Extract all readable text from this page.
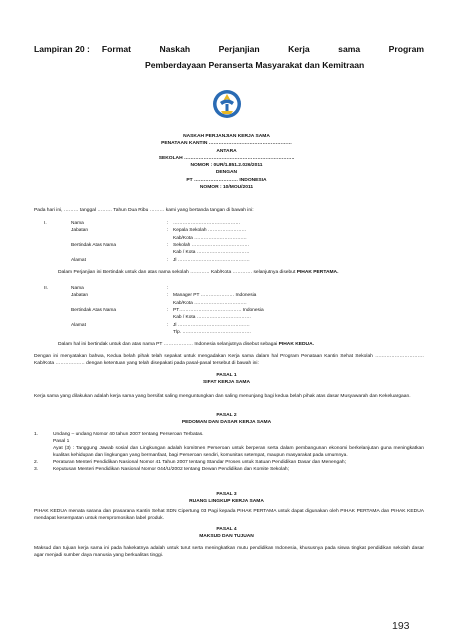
Lampiran 20 : Format Naskah Perjanjian Kerja sama Program
Pemberdayaan Peranserta Masyarakat dan Kemitraan
NASKAH PERJANJIAN KERJA SAMA
PENATAAN KANTIN ……………………………………………
ANTARA
SEKOLAH …………………………………………………………..
NOMOR : 0UR/1.851.2.026/2011
DENGAN
PT ……………………… INDONESIA
NOMOR : 10/MOU/2011
Pada hari ini, ……… tanggal ……… Tahun Dua Ribu ……… kami yang bertanda tangan di bawah ini:
I.	Nama	: ……………………………………
Jabatan	: Kepala Sekolah ……………………
Kab/Kota ……………………………
Bertindak Atas Nama	: Sekolah ………………………………
Kab / Kota ……………………………
Alamat	: Jl ………………………………………
Dalam Perjanjian ini Bertindak untuk dan atas nama sekolah ………… Kab/Kota ………… selanjutnya disebut PIHAK PERTAMA.
II.	Nama	:
Jabatan	: Manager PT ………………… Indonesia
Kab/Kota ……………………………
Bertindak Atas Nama	: PT………………………………… Indonesia
Kab / Kota …………………………….
Alamat	: Jl ………………………………………
Tlp. …………………………………….
Dalam hal ini bertindak untuk dan atas nama PT ……………… Indonesia selanjutnya disebut sebagai PIHAK KEDUA.
Dengan ini menyatakan bahwa, Kedua belah pihak telah sepakat untuk mengadakan Kerja sama dalam hal Program Penataan Kantin Sehat Sekolah ………………………… Kab/Kota ……………… dengan ketentuan yang telah disepakati pada pasal-pasal tersebut di bawah ini:
PASAL 1
SIFAT KERJA SAMA
Kerja sama yang dilakukan adalah kerja sama yang bersifat saling menguntungkan dan saling menunjang bagi kedua belah pihak atas dasar Musyawarah dan Kekeluargaan.
PASAL 2
PEDOMAN DAN DASAR KERJA SAMA
1.	Undang – undang Nomor 40 tahun 2007 tentang Perseroan Terbatas.
Pasal 1
Ayat (3) : Tanggung Jawab sosial dan Lingkungan adalah komitmen Perseroan untuk berperan serta dalam pembangunan ekonomi berkelanjutan guna meningkatkan kualitas kehidupan dan lingkungan yang bermanfaat, bagi Perseroan sendiri, komunitas setempat, maupun masyarakat pada umumnya.
2.	Peraturan Menteri Pendidikan Nasional Nomor 41 Tahun 2007 tentang Standar Proses untuk Satuan Pendidikan Dasar dan Menengah;
3.	Keputusan Menteri Pendidikan Nasional Nomor 044/U/2002 tentang Dewan Pendidikan dan Komite Sekolah;
PASAL 3
RUANG LINGKUP KERJA SAMA
PIHAK KEDUA menata sarana dan prasarana Kantin Sehat SDN Cipertung 03 Pagi kepada PIHAK PERTAMA untuk dapat digunakan oleh PIHAK PERTAMA dan PIHAK KEDUA mendapat kesempatan untuk mempromosikan label produk.
PASAL 4
MAKSUD DAN TUJUAN
Maksud dan tujuan kerja sama ini pada hakekatnya adalah untuk turut serta meningkatkan mutu pendidikan Indonesia, khususnya pada siswa tingkat pendidikan sekolah dasar agar menjadi sumber daya manusia yang berkualitas tinggi.
193
